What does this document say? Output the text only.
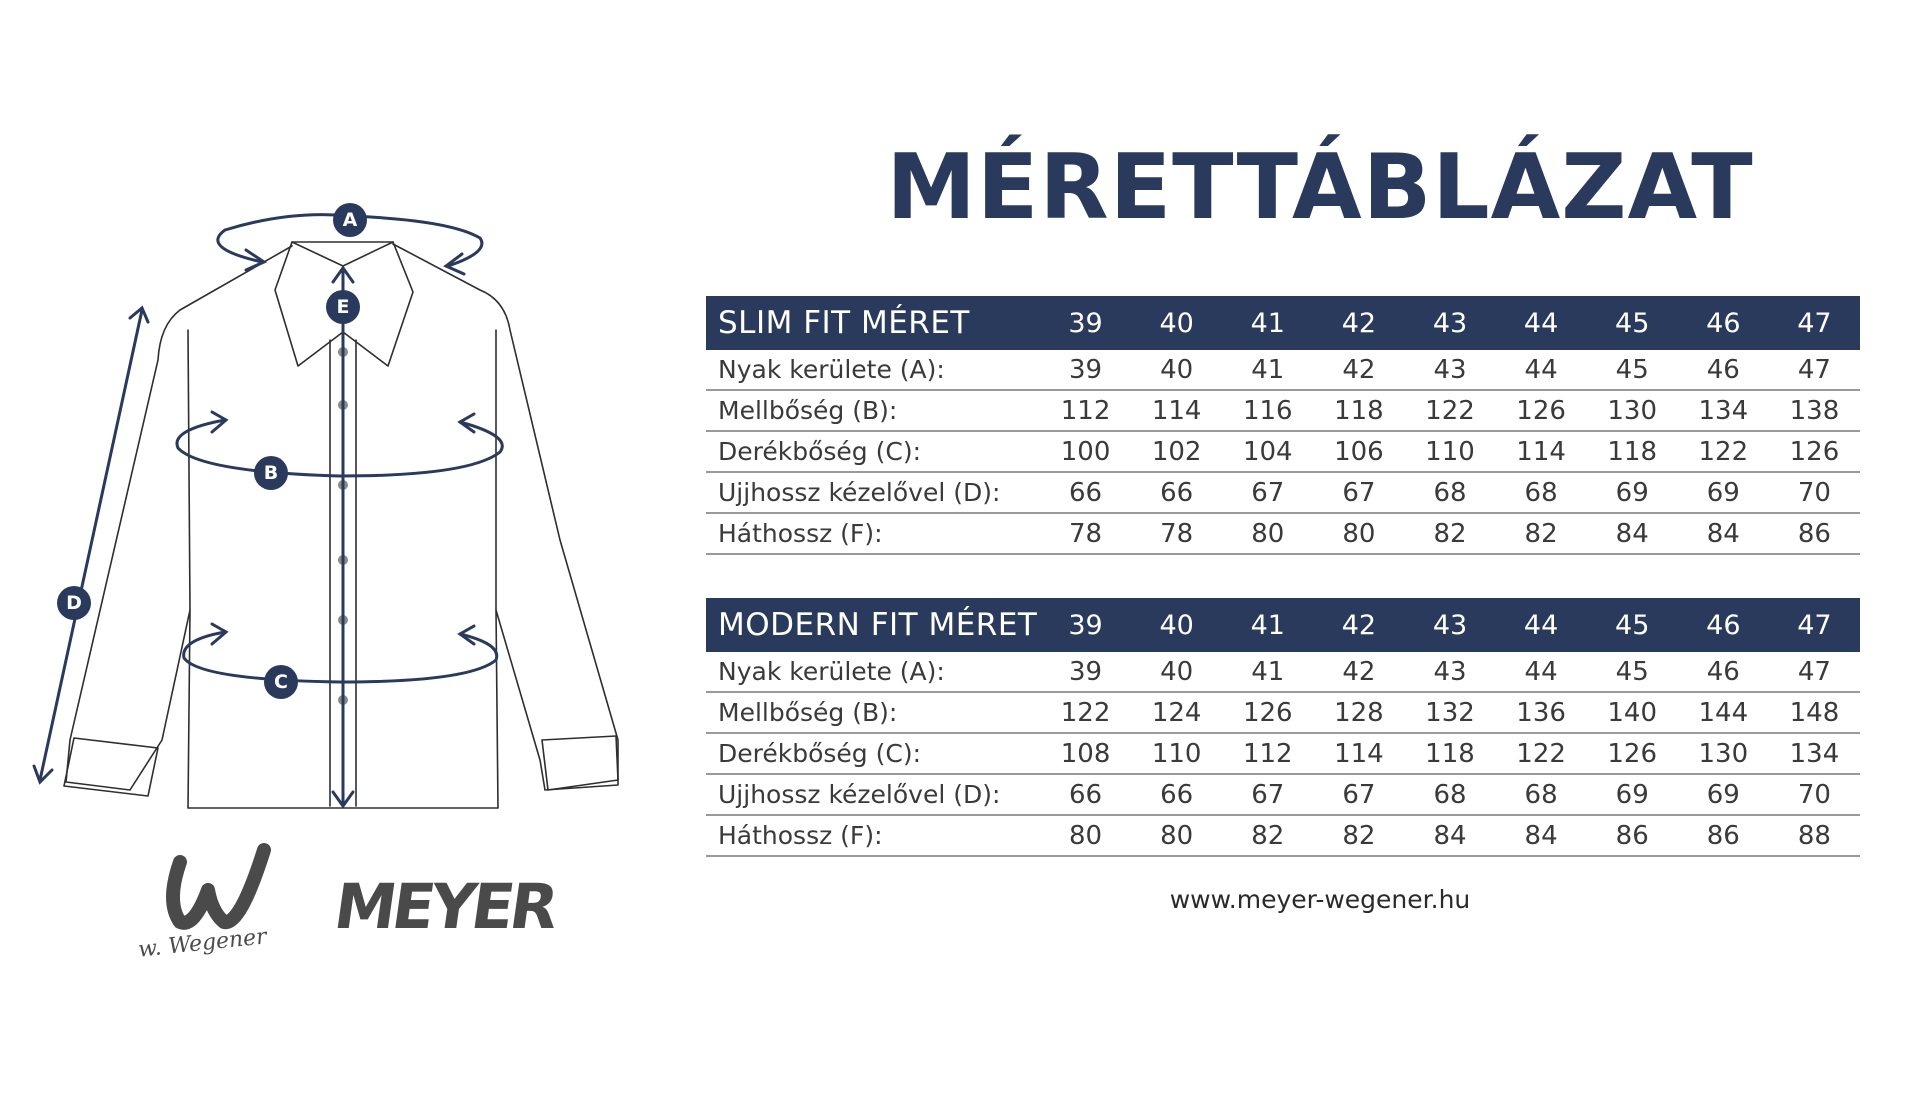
A
E
B
C
D
w. Wegener
MEYER
MÉRETTÁBLÁZAT
SLIM FIT MÉRET	39	40	41	42	43	44	45	46	47
Nyak kerülete (A):	39	40	41	42	43	44	45	46	47
Mellbőség (B):	112	114	116	118	122	126	130	134	138
Derékbőség (C):	100	102	104	106	110	114	118	122	126
Ujjhossz kézelővel (D):	66	66	67	67	68	68	69	69	70
Háthossz (F):	78	78	80	80	82	82	84	84	86
MODERN FIT MÉRET	39	40	41	42	43	44	45	46	47
Nyak kerülete (A):	39	40	41	42	43	44	45	46	47
Mellbőség (B):	122	124	126	128	132	136	140	144	148
Derékbőség (C):	108	110	112	114	118	122	126	130	134
Ujjhossz kézelővel (D):	66	66	67	67	68	68	69	69	70
Háthossz (F):	80	80	82	82	84	84	86	86	88
www.meyer-wegener.hu
